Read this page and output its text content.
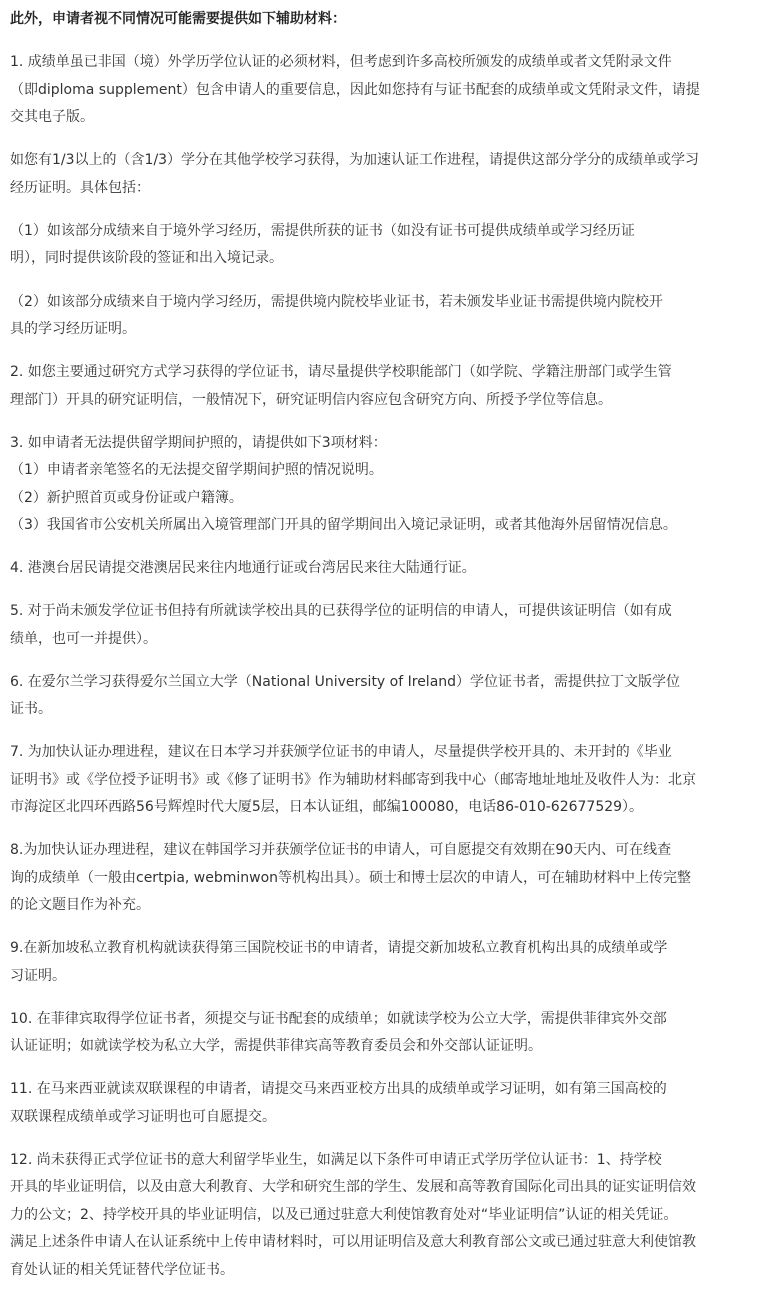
此外，申请者视不同情况可能需要提供如下辅助材料：
1. 成绩单虽已非国（境）外学历学位认证的必须材料，但考虑到许多高校所颁发的成绩单或者文凭附录文件
（即diploma supplement）包含申请人的重要信息，因此如您持有与证书配套的成绩单或文凭附录文件，请提
交其电子版。
如您有1/3以上的（含1/3）学分在其他学校学习获得，为加速认证工作进程，请提供这部分学分的成绩单或学习
经历证明。具体包括：
（1）如该部分成绩来自于境外学习经历，需提供所获的证书（如没有证书可提供成绩单或学习经历证
明），同时提供该阶段的签证和出入境记录。
（2）如该部分成绩来自于境内学习经历，需提供境内院校毕业证书，若未颁发毕业证书需提供境内院校开
具的学习经历证明。
2. 如您主要通过研究方式学习获得的学位证书，请尽量提供学校职能部门（如学院、学籍注册部门或学生管
理部门）开具的研究证明信，一般情况下，研究证明信内容应包含研究方向、所授予学位等信息。
3. 如申请者无法提供留学期间护照的，请提供如下3项材料：
（1）申请者亲笔签名的无法提交留学期间护照的情况说明。
（2）新护照首页或身份证或户籍簿。
（3）我国省市公安机关所属出入境管理部门开具的留学期间出入境记录证明，或者其他海外居留情况信息。
4. 港澳台居民请提交港澳居民来往内地通行证或台湾居民来往大陆通行证。
5. 对于尚未颁发学位证书但持有所就读学校出具的已获得学位的证明信的申请人，可提供该证明信（如有成
绩单，也可一并提供）。
6. 在爱尔兰学习获得爱尔兰国立大学（National University of Ireland）学位证书者，需提供拉丁文版学位
证书。
7. 为加快认证办理进程，建议在日本学习并获颁学位证书的申请人，尽量提供学校开具的、未开封的《毕业
证明书》或《学位授予证明书》或《修了证明书》作为辅助材料邮寄到我中心（邮寄地址地址及收件人为：北京
市海淀区北四环西路56号辉煌时代大厦5层，日本认证组，邮编100080，电话86-010-62677529）。
8.为加快认证办理进程，建议在韩国学习并获颁学位证书的申请人，可自愿提交有效期在90天内、可在线查
询的成绩单（一般由certpia, webminwon等机构出具）。硕士和博士层次的申请人，可在辅助材料中上传完整
的论文题目作为补充。
9.在新加坡私立教育机构就读获得第三国院校证书的申请者，请提交新加坡私立教育机构出具的成绩单或学
习证明。
10. 在菲律宾取得学位证书者，须提交与证书配套的成绩单；如就读学校为公立大学，需提供菲律宾外交部
认证证明；如就读学校为私立大学，需提供菲律宾高等教育委员会和外交部认证证明。
11. 在马来西亚就读双联课程的申请者，请提交马来西亚校方出具的成绩单或学习证明，如有第三国高校的
双联课程成绩单或学习证明也可自愿提交。
12. 尚未获得正式学位证书的意大利留学毕业生，如满足以下条件可申请正式学历学位认证书：1、持学校
开具的毕业证明信，以及由意大利教育、大学和研究生部的学生、发展和高等教育国际化司出具的证实证明信效
力的公文；2、持学校开具的毕业证明信，以及已通过驻意大利使馆教育处对“毕业证明信”认证的相关凭证。
满足上述条件申请人在认证系统中上传申请材料时，可以用证明信及意大利教育部公文或已通过驻意大利使馆教
育处认证的相关凭证替代学位证书。
